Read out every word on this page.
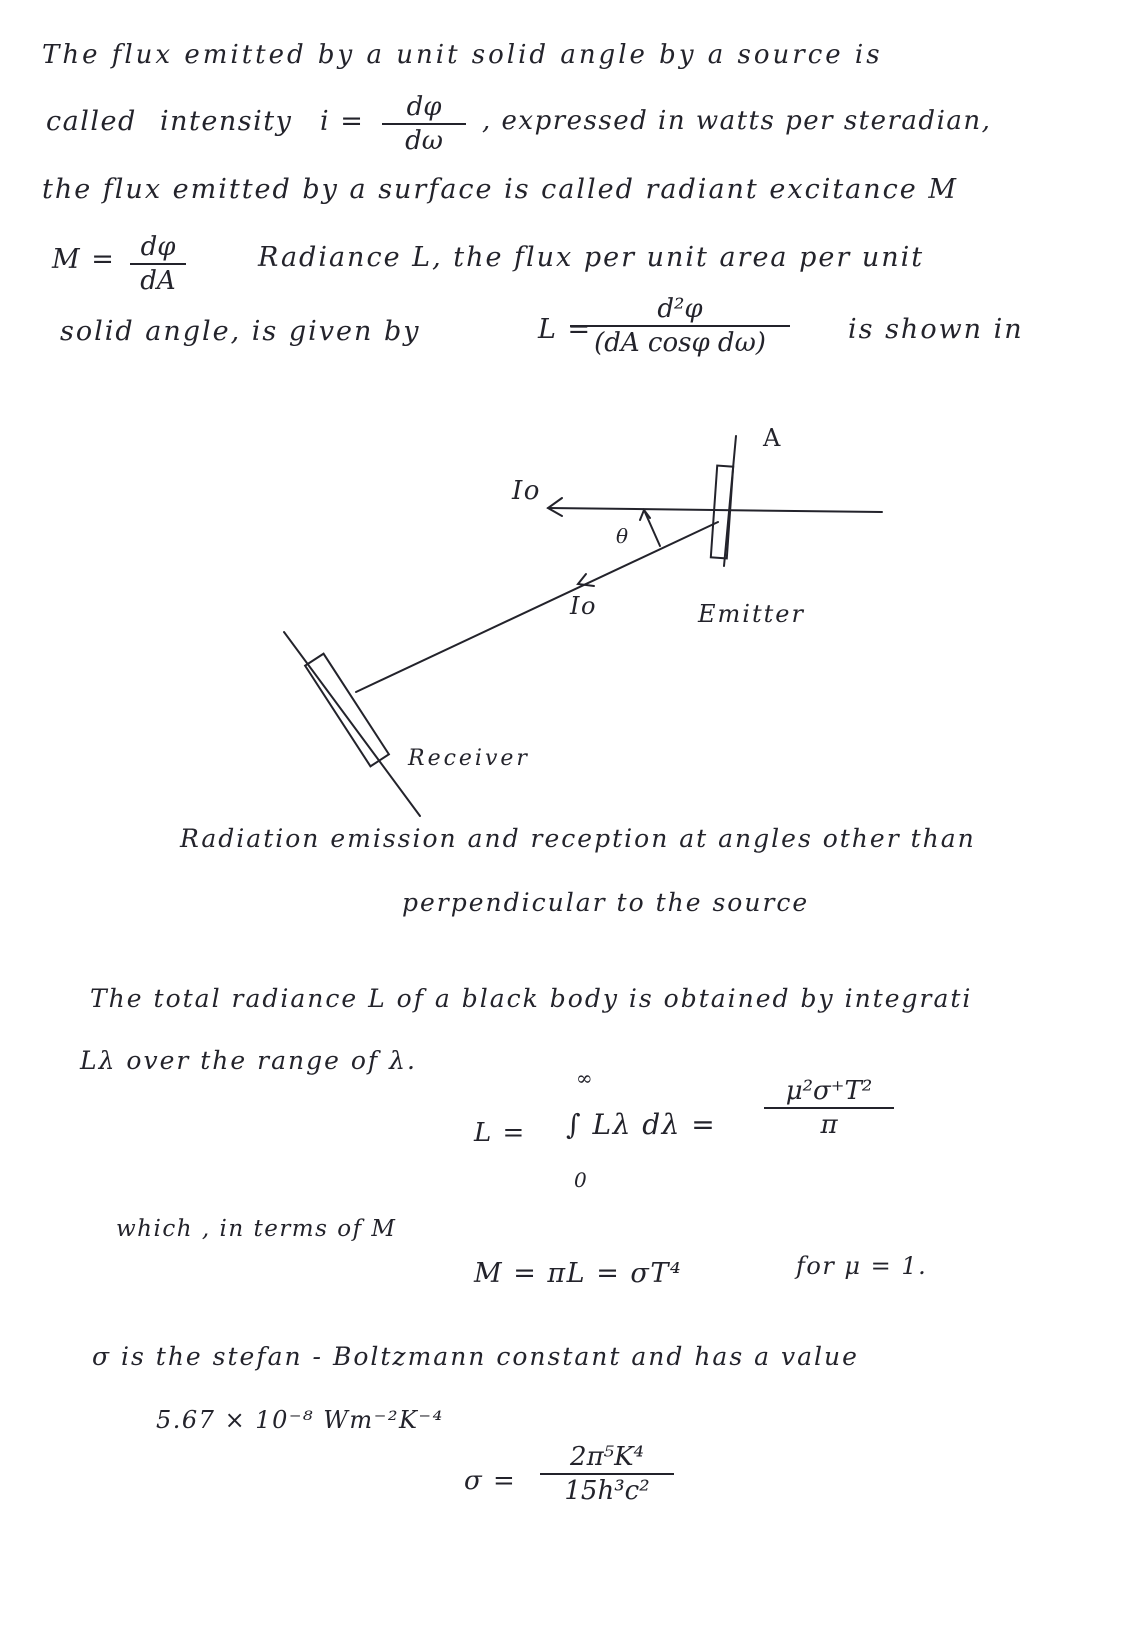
The flux emitted by a unit solid angle by a source is
called intensity i =	dφ
dω
, expressed in watts per steradian,
the flux emitted by a surface is called radiant excitance M
M = dφ
dA
Radiance L, the flux per unit area per unit
solid angle, is given by	L =
d²φ
(dA cosφ dω)	is shown in
A
Io
θ
Io	Emitter
Receiver
Radiation emission and reception at angles other than
perpendicular to the source
The total radiance L of a black body is obtained by integrati
Lλ over the range of λ.
L =
∞
∫ Lλ dλ =
0
μ²σ⁺T²
π
which , in terms of M
M = πL = σT⁴	for μ = 1.
σ is the stefan - Boltzmann constant and has a value
5.67 × 10⁻⁸ Wm⁻²K⁻⁴
σ =
2π⁵K⁴
15h³c²
